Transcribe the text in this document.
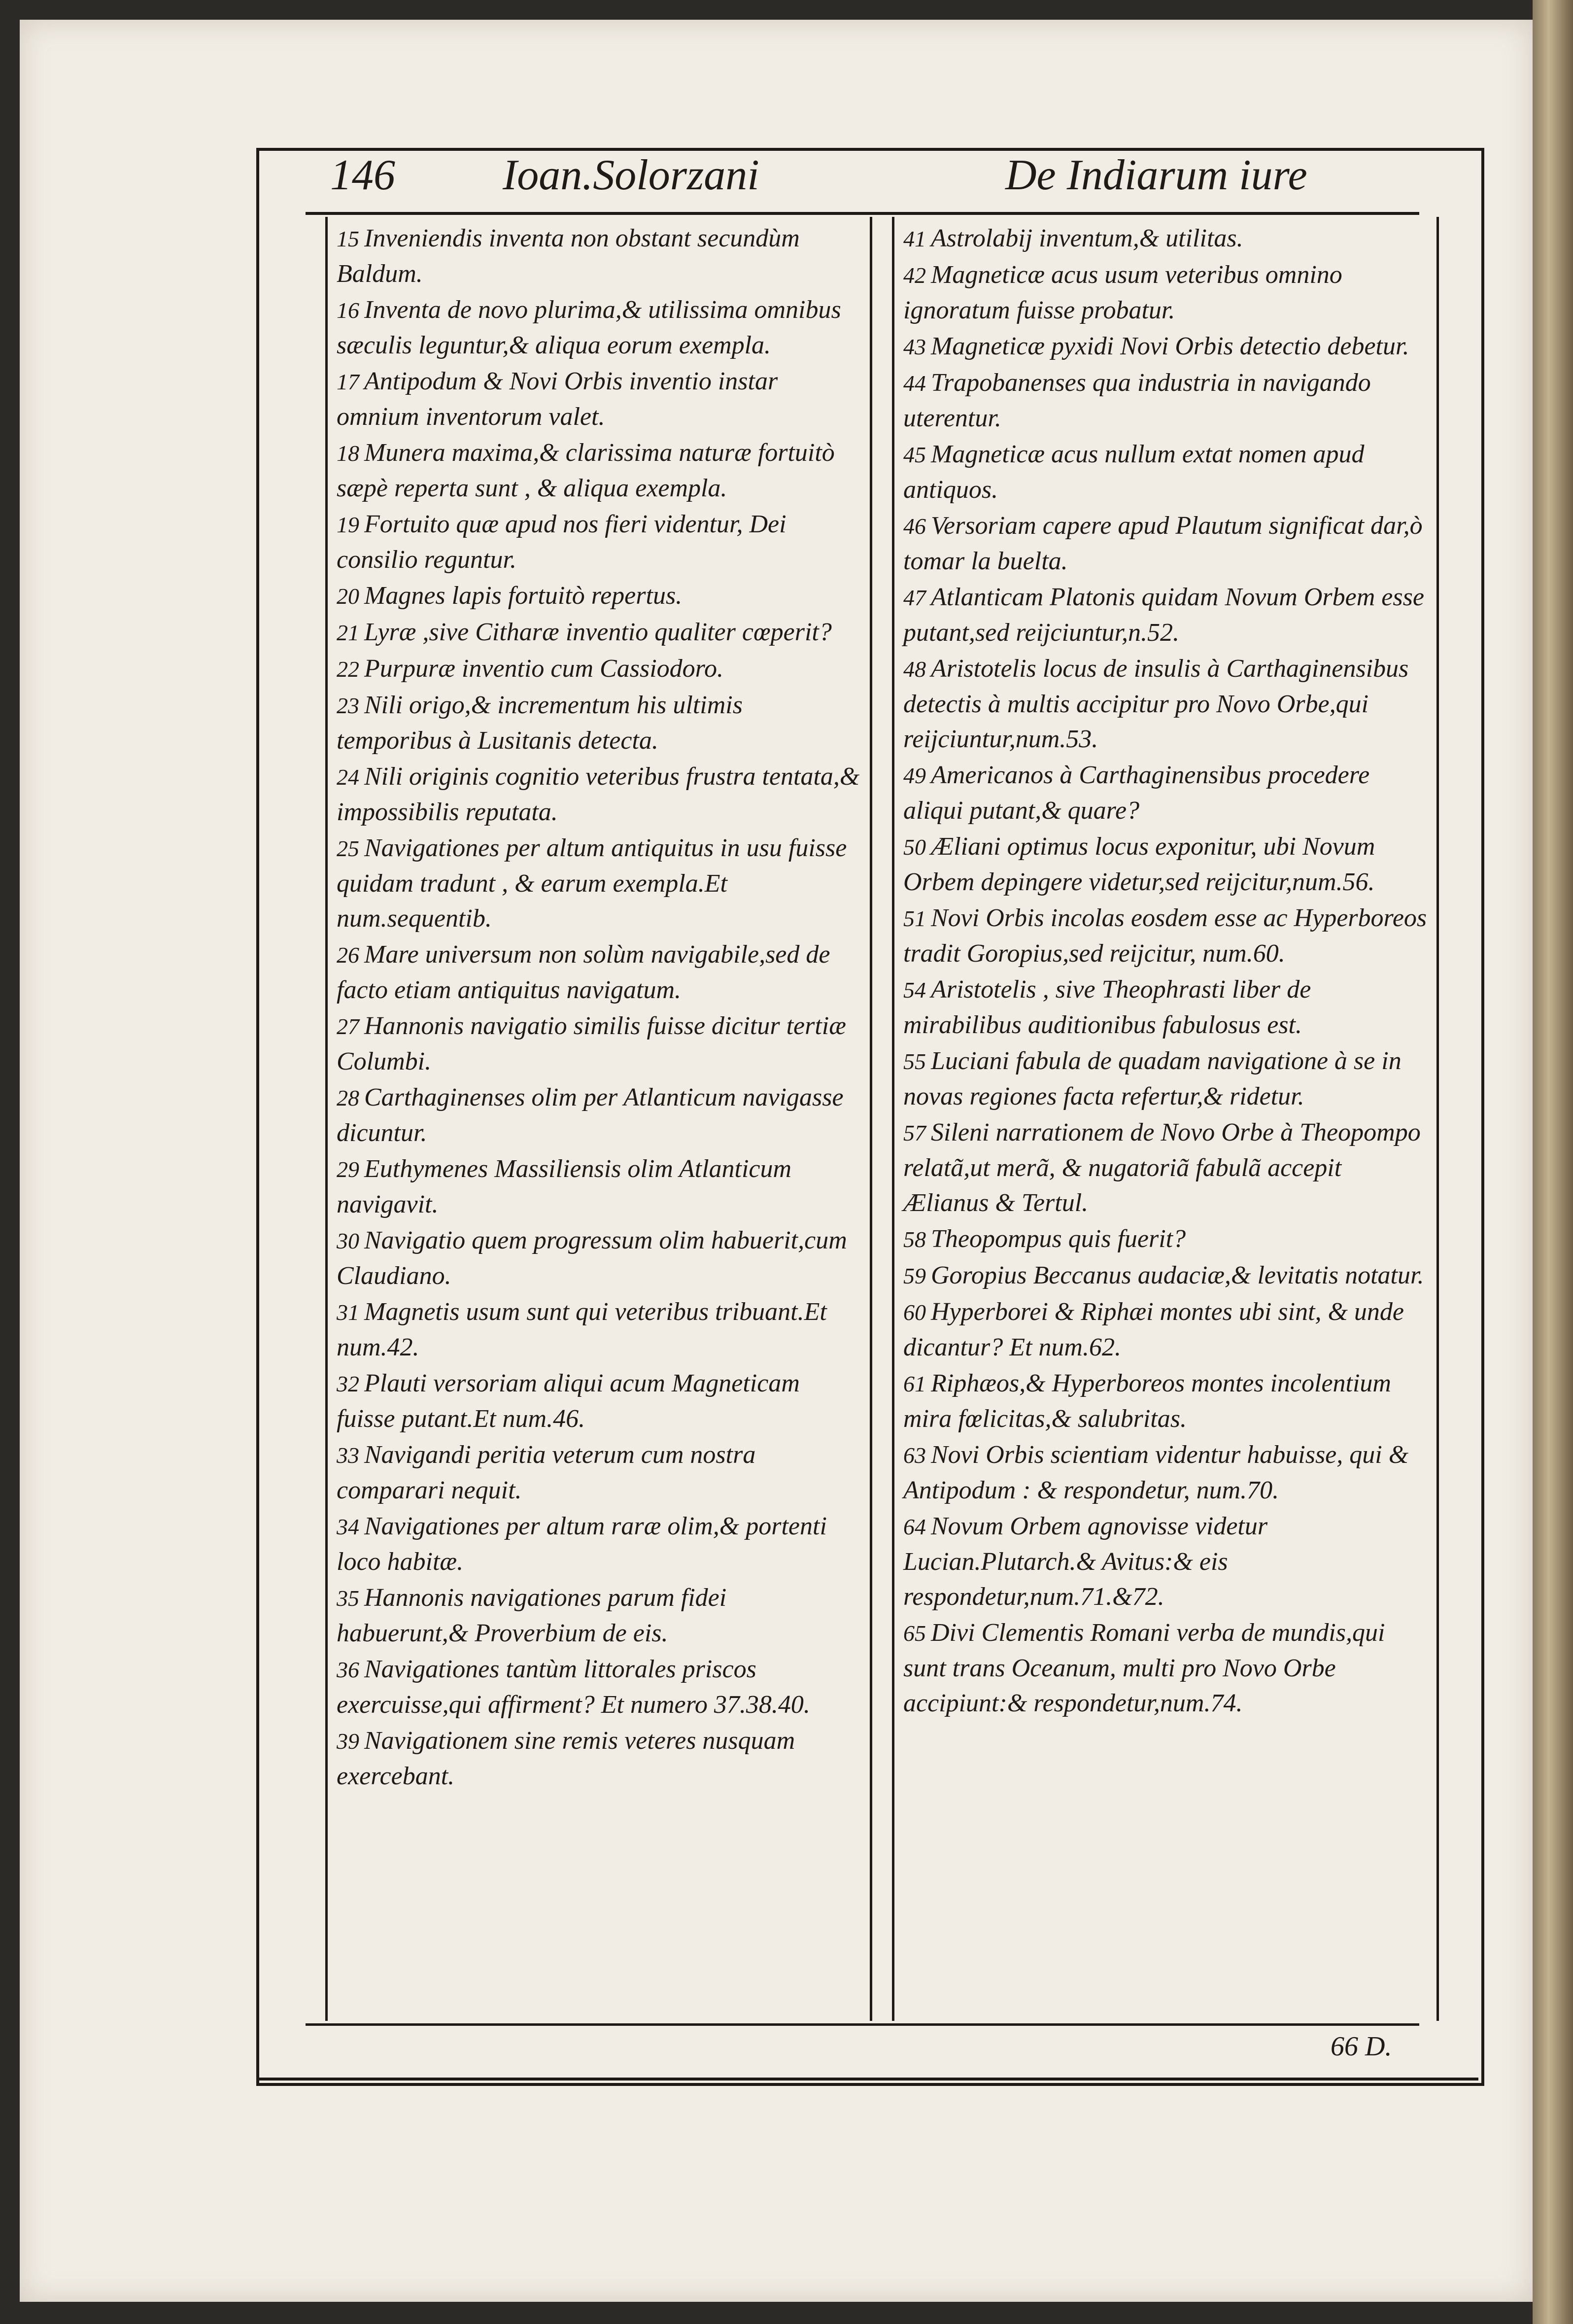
146 Ioan.Solorzani	De Indiarum iure
15 Inveniendis inventa non obstant secundùm Baldum.
16 Inventa de novo plurima,& utilissima omnibus sæculis leguntur,& aliqua eorum exempla.
17 Antipodum & Novi Orbis inventio instar omnium inventorum valet.
18 Munera maxima,& clarissima naturæ fortuitò sæpè reperta sunt , & aliqua exempla.
19 Fortuito quæ apud nos fieri videntur, Dei consilio reguntur.
20 Magnes lapis fortuitò repertus.
21 Lyræ ,sive Citharæ inventio qualiter cœperit?
22 Purpuræ inventio cum Cassiodoro.
23 Nili origo,& incrementum his ultimis temporibus à Lusitanis detecta.
24 Nili originis cognitio veteribus frustra tentata,& impossibilis reputata.
25 Navigationes per altum antiquitus in usu fuisse quidam tradunt , & earum exempla.Et num.sequentib.
26 Mare universum non solùm navigabile,sed de facto etiam antiquitus navigatum.
27 Hannonis navigatio similis fuisse dicitur tertiæ Columbi.
28 Carthaginenses olim per Atlanticum navigasse dicuntur.
29 Euthymenes Massiliensis olim Atlanticum navigavit.
30 Navigatio quem progressum olim habuerit,cum Claudiano.
31 Magnetis usum sunt qui veteribus tribuant.Et num.42.
32 Plauti versoriam aliqui acum Magneticam fuisse putant.Et num.46.
33 Navigandi peritia veterum cum nostra comparari nequit.
34 Navigationes per altum raræ olim,& portenti loco habitæ.
35 Hannonis navigationes parum fidei habuerunt,& Proverbium de eis.
36 Navigationes tantùm littorales priscos exercuisse,qui affirment? Et numero 37.38.40.
39 Navigationem sine remis veteres nusquam exercebant.
41 Astrolabij inventum,& utilitas.
42 Magneticæ acus usum veteribus omnino ignoratum fuisse probatur.
43 Magneticæ pyxidi Novi Orbis detectio debetur.
44 Trapobanenses qua industria in navigando uterentur.
45 Magneticæ acus nullum extat nomen apud antiquos.
46 Versoriam capere apud Plautum significat dar,ò tomar la buelta.
47 Atlanticam Platonis quidam Novum Orbem esse putant,sed reijciuntur,n.52.
48 Aristotelis locus de insulis à Carthaginensibus detectis à multis accipitur pro Novo Orbe,qui reijciuntur,num.53.
49 Americanos à Carthaginensibus procedere aliqui putant,& quare?
50 Æliani optimus locus exponitur, ubi Novum Orbem depingere videtur,sed reijcitur,num.56.
51 Novi Orbis incolas eosdem esse ac Hyperboreos tradit Goropius,sed reijcitur, num.60.
54 Aristotelis , sive Theophrasti liber de mirabilibus auditionibus fabulosus est.
55 Luciani fabula de quadam navigatione à se in novas regiones facta refertur,& ridetur.
57 Sileni narrationem de Novo Orbe à Theopompo relatã,ut merã, & nugatoriã fabulã accepit Ælianus & Tertul.
58 Theopompus quis fuerit?
59 Goropius Beccanus audaciæ,& levitatis notatur.
60 Hyperborei & Riphæi montes ubi sint, & unde dicantur? Et num.62.
61 Riphæos,& Hyperboreos montes incolentium mira fœlicitas,& salubritas.
63 Novi Orbis scientiam videntur habuisse, qui & Antipodum : & respondetur, num.70.
64 Novum Orbem agnovisse videtur Lucian.Plutarch.& Avitus:& eis respondetur,num.71.&72.
65 Divi Clementis Romani verba de mundis,qui sunt trans Oceanum, multi pro Novo Orbe accipiunt:& respondetur,num.74.
66 D.
